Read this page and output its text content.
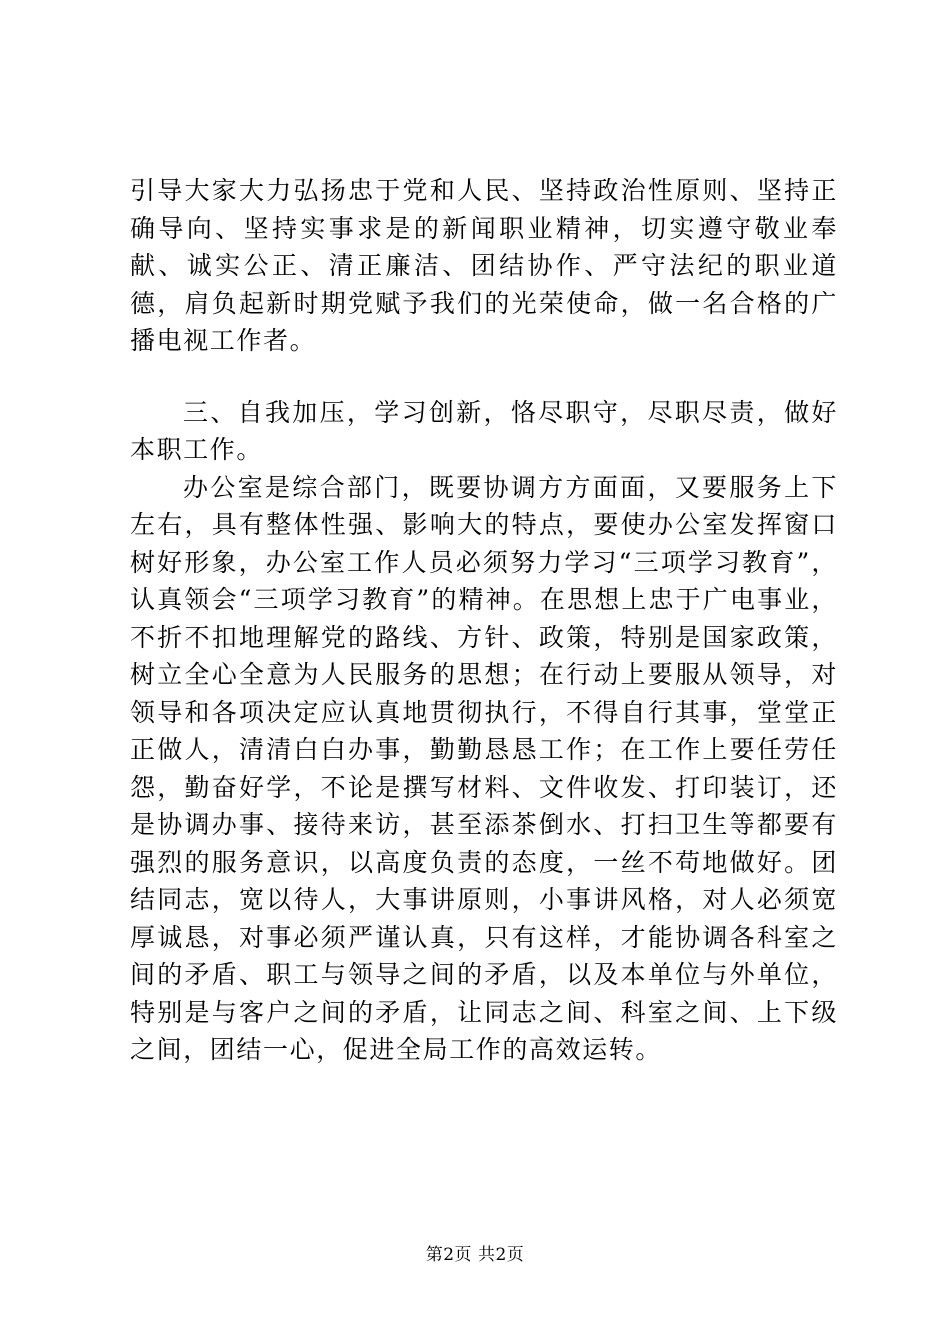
引导大家大力弘扬忠于党和人民、坚持政治性原则、坚持正确导向、坚持实事求是的新闻职业精神，切实遵守敬业奉献、诚实公正、清正廉洁、团结协作、严守法纪的职业道德，肩负起新时期党赋予我们的光荣使命，做一名合格的广播电视工作者。

三、自我加压，学习创新，恪尽职守，尽职尽责，做好本职工作。

办公室是综合部门，既要协调方方面面，又要服务上下左右，具有整体性强、影响大的特点，要使办公室发挥窗口树好形象，办公室工作人员必须努力学习“三项学习教育”，认真领会“三项学习教育”的精神。在思想上忠于广电事业，不折不扣地理解党的路线、方针、政策，特别是国家政策，树立全心全意为人民服务的思想；在行动上要服从领导，对领导和各项决定应认真地贯彻执行，不得自行其事，堂堂正正做人，清清白白办事，勤勤恳恳工作；在工作上要任劳任怨，勤奋好学，不论是撰写材料、文件收发、打印装订，还是协调办事、接待来访，甚至添茶倒水、打扫卫生等都要有强烈的服务意识，以高度负责的态度，一丝不苟地做好。团结同志，宽以待人，大事讲原则，小事讲风格，对人必须宽厚诚恳，对事必须严谨认真，只有这样，才能协调各科室之间的矛盾、职工与领导之间的矛盾，以及本单位与外单位，特别是与客户之间的矛盾，让同志之间、科室之间、上下级之间，团结一心，促进全局工作的高效运转。

第2页 共2页
